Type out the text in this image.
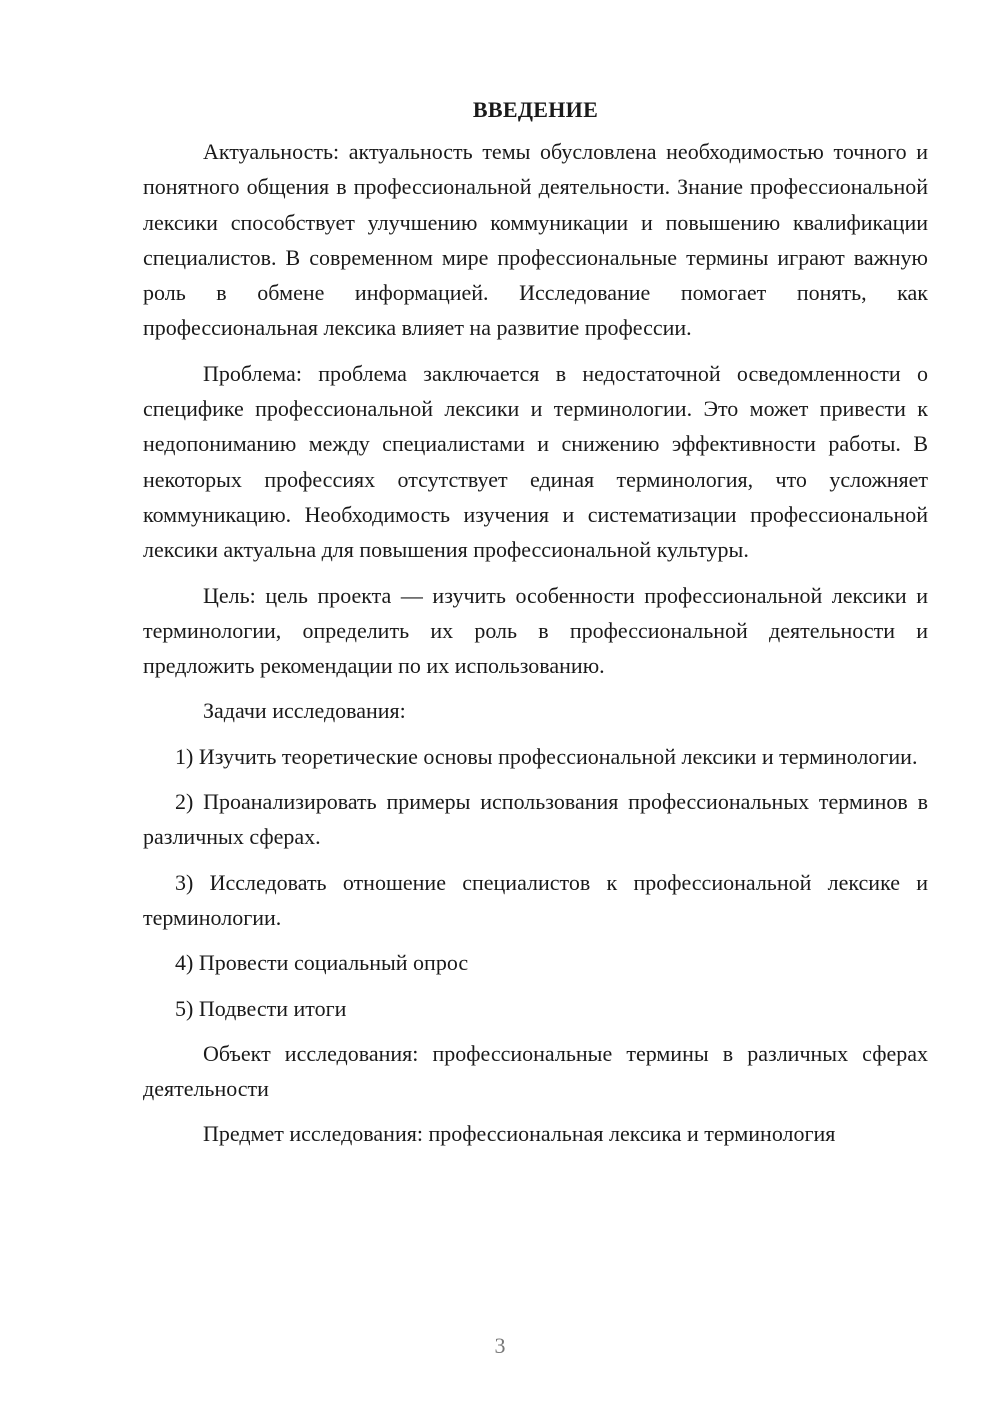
ВВЕДЕНИЕ

Актуальность: актуальность темы обусловлена необходимостью точного и понятного общения в профессиональной деятельности. Знание профессиональной лексики способствует улучшению коммуникации и повышению квалификации специалистов. В современном мире профессиональные термины играют важную роль в обмене информацией. Исследование помогает понять, как профессиональная лексика влияет на развитие профессии.

Проблема: проблема заключается в недостаточной осведомленности о специфике профессиональной лексики и терминологии. Это может привести к недопониманию между специалистами и снижению эффективности работы. В некоторых профессиях отсутствует единая терминология, что усложняет коммуникацию. Необходимость изучения и систематизации профессиональной лексики актуальна для повышения профессиональной культуры.

Цель: цель проекта — изучить особенности профессиональной лексики и терминологии, определить их роль в профессиональной деятельности и предложить рекомендации по их использованию.

Задачи исследования:

1) Изучить теоретические основы профессиональной лексики и терминологии.

2) Проанализировать примеры использования профессиональных терминов в различных сферах.

3) Исследовать отношение специалистов к профессиональной лексике и терминологии.

4) Провести социальный опрос

5) Подвести итоги

Объект исследования: профессиональные термины в различных сферах деятельности

Предмет исследования: профессиональная лексика и терминология

3
